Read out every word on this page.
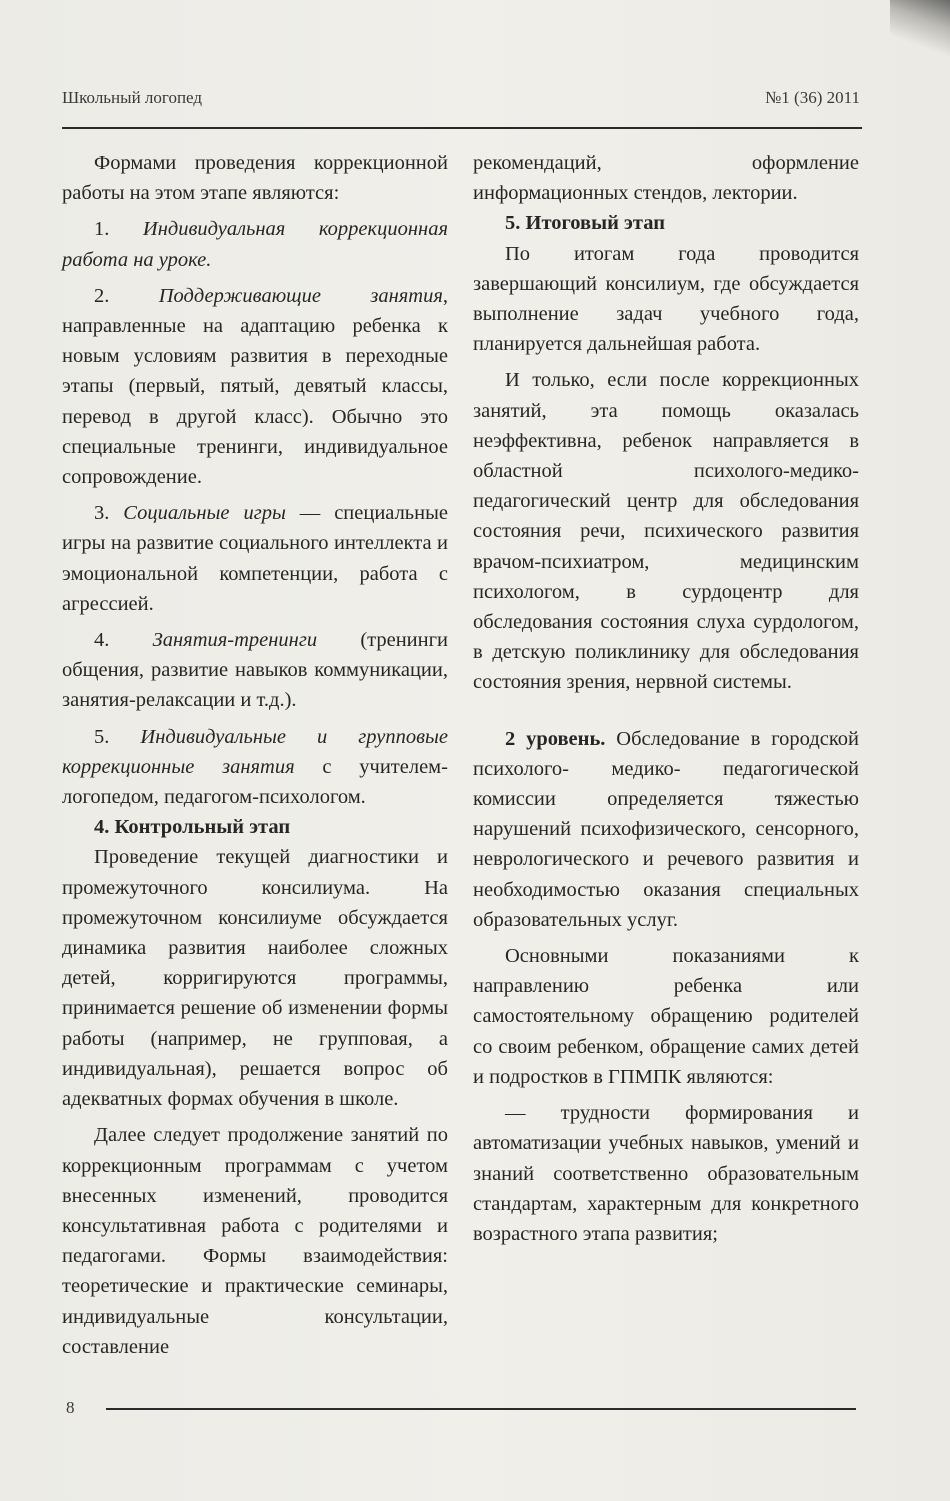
Школьный логопед	№1 (36) 2011

Формами проведения коррекционной работы на этом этапе являются:

1. Индивидуальная коррекционная работа на уроке.

2. Поддерживающие занятия, направленные на адаптацию ребенка к новым условиям развития в переходные этапы (первый, пятый, девятый классы, перевод в другой класс). Обычно это специальные тренинги, индивидуальное сопровождение.

3. Социальные игры — специальные игры на развитие социального интеллекта и эмоциональной компетенции, работа с агрессией.

4. Занятия-тренинги (тренинги общения, развитие навыков коммуникации, занятия-релаксации и т.д.).

5. Индивидуальные и групповые коррекционные занятия с учителем-логопедом, педагогом-психологом.

4. Контрольный этап

Проведение текущей диагностики и промежуточного консилиума. На промежуточном консилиуме обсуждается динамика развития наиболее сложных детей, корригируются программы, принимается решение об изменении формы работы (например, не групповая, а индивидуальная), решается вопрос об адекватных формах обучения в школе.

Далее следует продолжение занятий по коррекционным программам с учетом внесенных изменений, проводится консультативная работа с родителями и педагогами. Формы взаимодействия: теоретические и практические семинары, индивидуальные консультации, составление

рекомендаций, оформление информационных стендов, лектории.

5. Итоговый этап

По итогам года проводится завершающий консилиум, где обсуждается выполнение задач учебного года, планируется дальнейшая работа.

И только, если после коррекционных занятий, эта помощь оказалась неэффективна, ребенок направляется в областной психолого-медико-педагогический центр для обследования состояния речи, психического развития врачом-психиатром, медицинским психологом, в сурдоцентр для обследования состояния слуха сурдологом, в детскую поликлинику для обследования состояния зрения, нервной системы.

2 уровень. Обследование в городской психолого- медико- педагогической комиссии определяется тяжестью нарушений психофизического, сенсорного, неврологического и речевого развития и необходимостью оказания специальных образовательных услуг.

Основными показаниями к направлению ребенка или самостоятельному обращению родителей со своим ребенком, обращение самих детей и подростков в ГПМПК являются:

— трудности формирования и автоматизации учебных навыков, умений и знаний соответственно образовательным стандартам, характерным для конкретного возрастного этапа развития;

8
